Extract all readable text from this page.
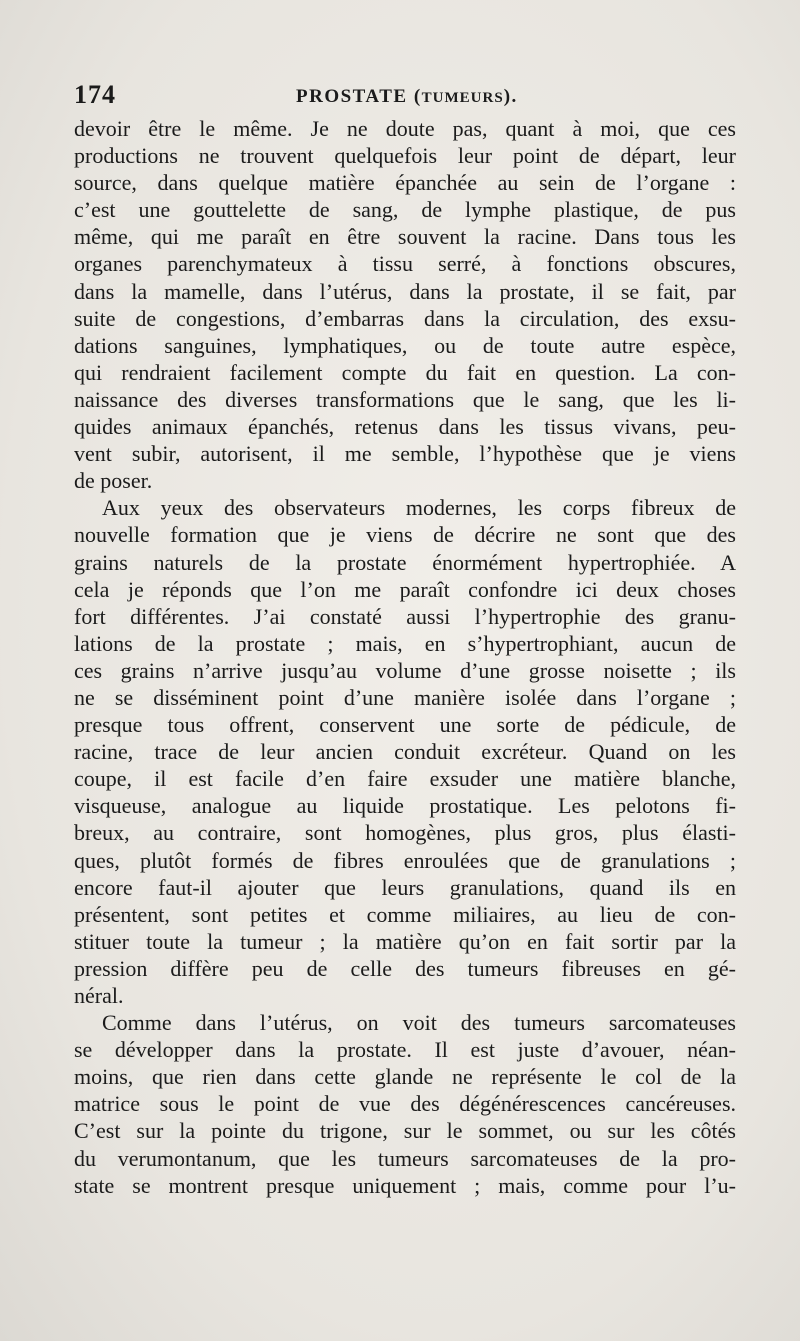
174	PROSTATE (TUMEURS).
devoir être le même. Je ne doute pas, quant à moi, que ces
productions ne trouvent quelquefois leur point de départ, leur
source, dans quelque matière épanchée au sein de l’organe :
c’est une gouttelette de sang, de lymphe plastique, de pus
même, qui me paraît en être souvent la racine. Dans tous les
organes parenchymateux à tissu serré, à fonctions obscures,
dans la mamelle, dans l’utérus, dans la prostate, il se fait, par
suite de congestions, d’embarras dans la circulation, des exsu-
dations sanguines, lymphatiques, ou de toute autre espèce,
qui rendraient facilement compte du fait en question. La con-
naissance des diverses transformations que le sang, que les li-
quides animaux épanchés, retenus dans les tissus vivans, peu-
vent subir, autorisent, il me semble, l’hypothèse que je viens
de poser.
Aux yeux des observateurs modernes, les corps fibreux de
nouvelle formation que je viens de décrire ne sont que des
grains naturels de la prostate énormément hypertrophiée. A
cela je réponds que l’on me paraît confondre ici deux choses
fort différentes. J’ai constaté aussi l’hypertrophie des granu-
lations de la prostate ; mais, en s’hypertrophiant, aucun de
ces grains n’arrive jusqu’au volume d’une grosse noisette ; ils
ne se disséminent point d’une manière isolée dans l’organe ;
presque tous offrent, conservent une sorte de pédicule, de
racine, trace de leur ancien conduit excréteur. Quand on les
coupe, il est facile d’en faire exsuder une matière blanche,
visqueuse, analogue au liquide prostatique. Les pelotons fi-
breux, au contraire, sont homogènes, plus gros, plus élasti-
ques, plutôt formés de fibres enroulées que de granulations ;
encore faut-il ajouter que leurs granulations, quand ils en
présentent, sont petites et comme miliaires, au lieu de con-
stituer toute la tumeur ; la matière qu’on en fait sortir par la
pression diffère peu de celle des tumeurs fibreuses en gé-
néral.
Comme dans l’utérus, on voit des tumeurs sarcomateuses
se développer dans la prostate. Il est juste d’avouer, néan-
moins, que rien dans cette glande ne représente le col de la
matrice sous le point de vue des dégénérescences cancéreuses.
C’est sur la pointe du trigone, sur le sommet, ou sur les côtés
du verumontanum, que les tumeurs sarcomateuses de la pro-
state se montrent presque uniquement ; mais, comme pour l’u-
